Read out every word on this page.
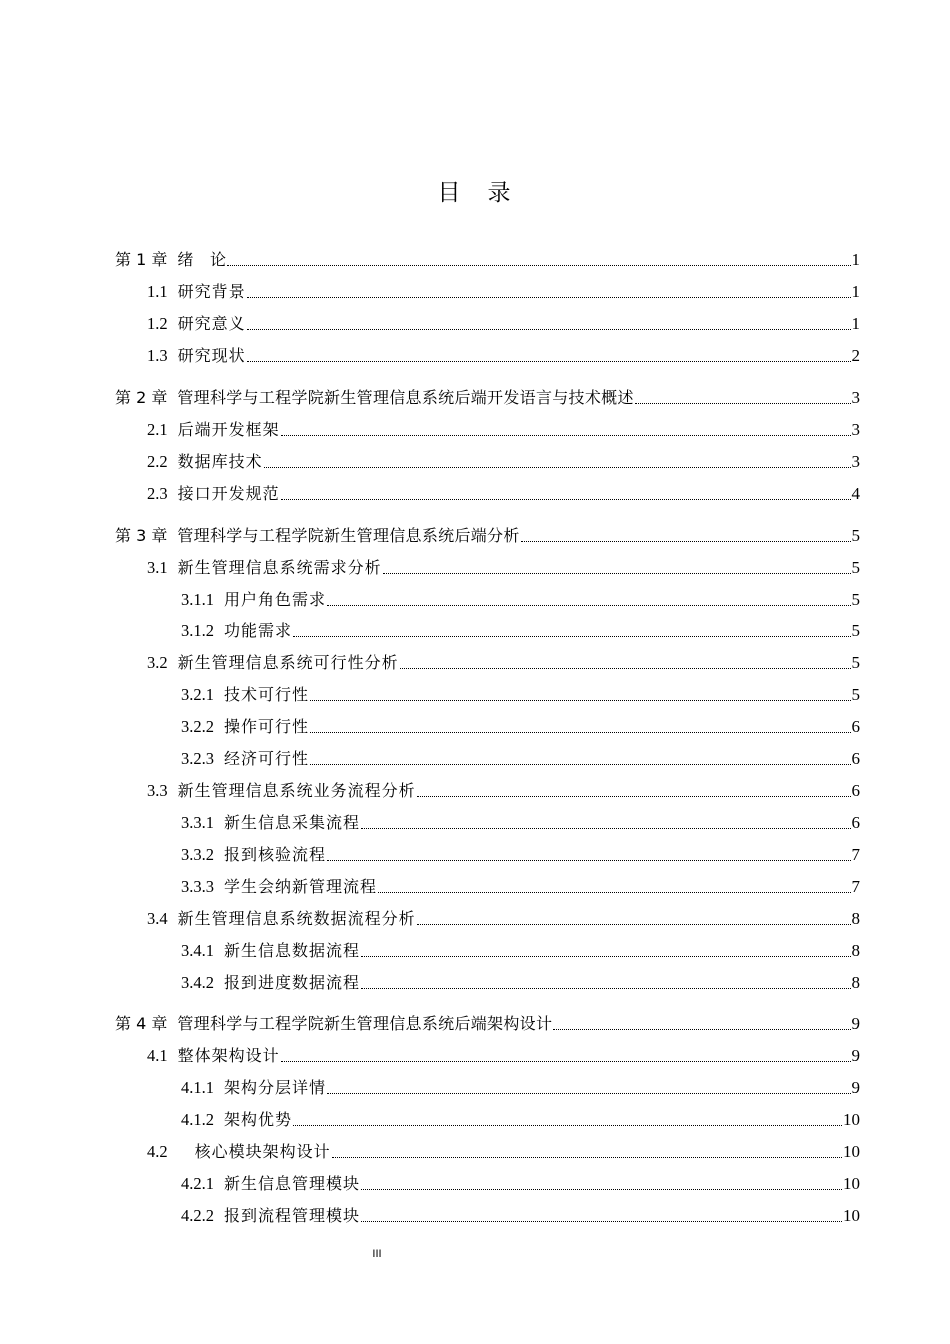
目　录
第 1 章 绪　论	1
1.1 研究背景	1
1.2 研究意义	1
1.3 研究现状	2
第 2 章 管理科学与工程学院新生管理信息系统后端开发语言与技术概述	3
2.1 后端开发框架	3
2.2 数据库技术	3
2.3 接口开发规范	4
第 3 章 管理科学与工程学院新生管理信息系统后端分析	5
3.1 新生管理信息系统需求分析	5
3.1.1 用户角色需求	5
3.1.2 功能需求	5
3.2 新生管理信息系统可行性分析	5
3.2.1 技术可行性	5
3.2.2 操作可行性	6
3.2.3 经济可行性	6
3.3 新生管理信息系统业务流程分析	6
3.3.1 新生信息采集流程	6
3.3.2 报到核验流程	7
3.3.3 学生会纳新管理流程	7
3.4 新生管理信息系统数据流程分析	8
3.4.1 新生信息数据流程	8
3.4.2 报到进度数据流程	8
第 4 章 管理科学与工程学院新生管理信息系统后端架构设计	9
4.1 整体架构设计	9
4.1.1 架构分层详情	9
4.1.2 架构优势	10
4.2 　核心模块架构设计	10
4.2.1 新生信息管理模块	10
4.2.2 报到流程管理模块	10
III
